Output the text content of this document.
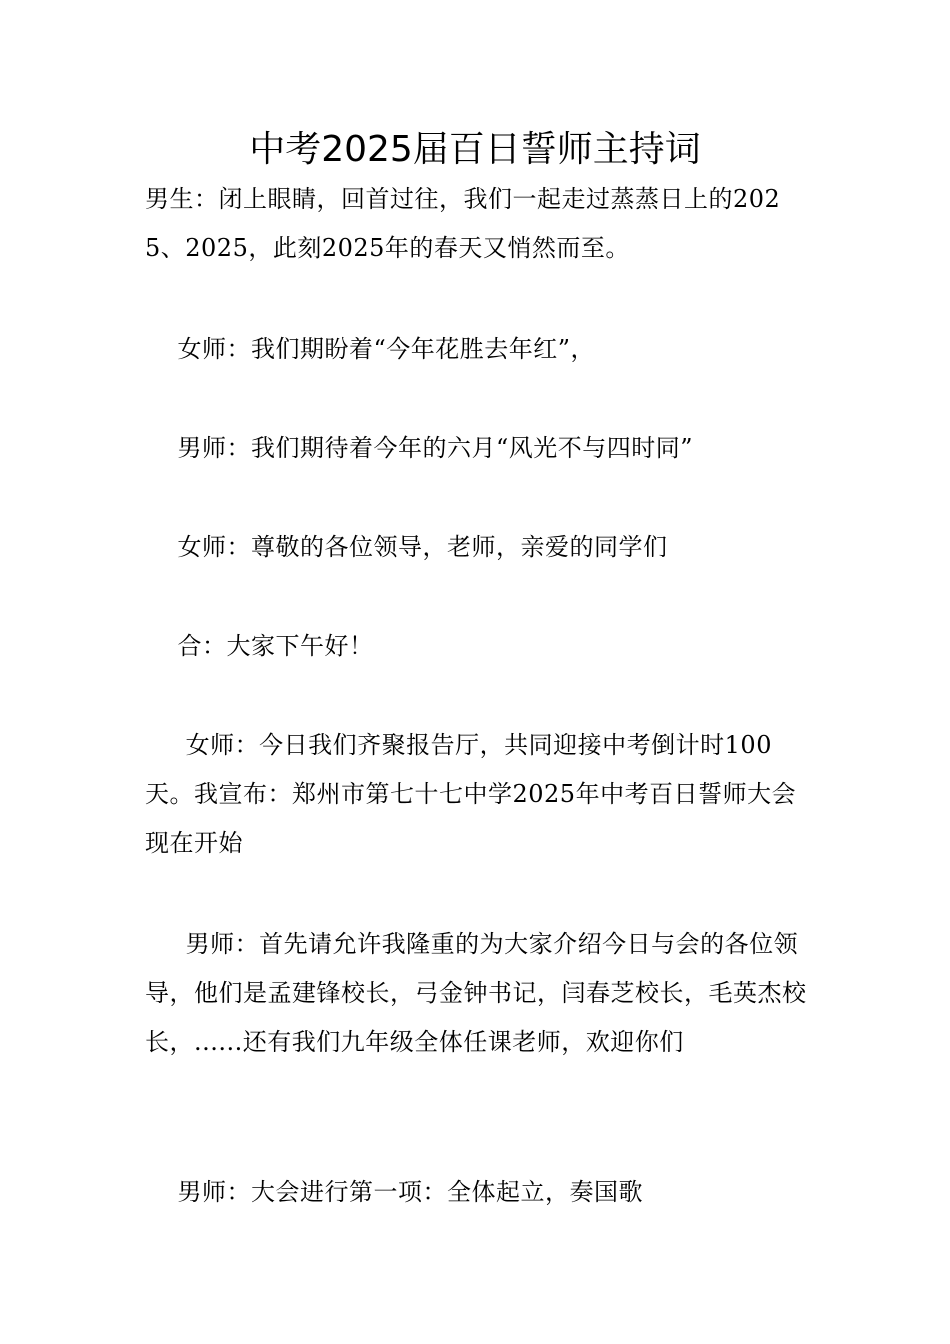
中考2025届百日誓师主持词

男生：闭上眼睛，回首过往，我们一起走过蒸蒸日上的2025、2025，此刻2025年的春天又悄然而至。

女师：我们期盼着“今年花胜去年红”，

男师：我们期待着今年的六月“风光不与四时同”

女师：尊敬的各位领导，老师，亲爱的同学们

合：大家下午好！

女师：今日我们齐聚报告厅，共同迎接中考倒计时100天。我宣布：郑州市第七十七中学2025年中考百日誓师大会现在开始

男师：首先请允许我隆重的为大家介绍今日与会的各位领导，他们是孟建锋校长，弓金钟书记，闫春芝校长，毛英杰校长，......还有我们九年级全体任课老师，欢迎你们

男师：大会进行第一项：全体起立，奏国歌
